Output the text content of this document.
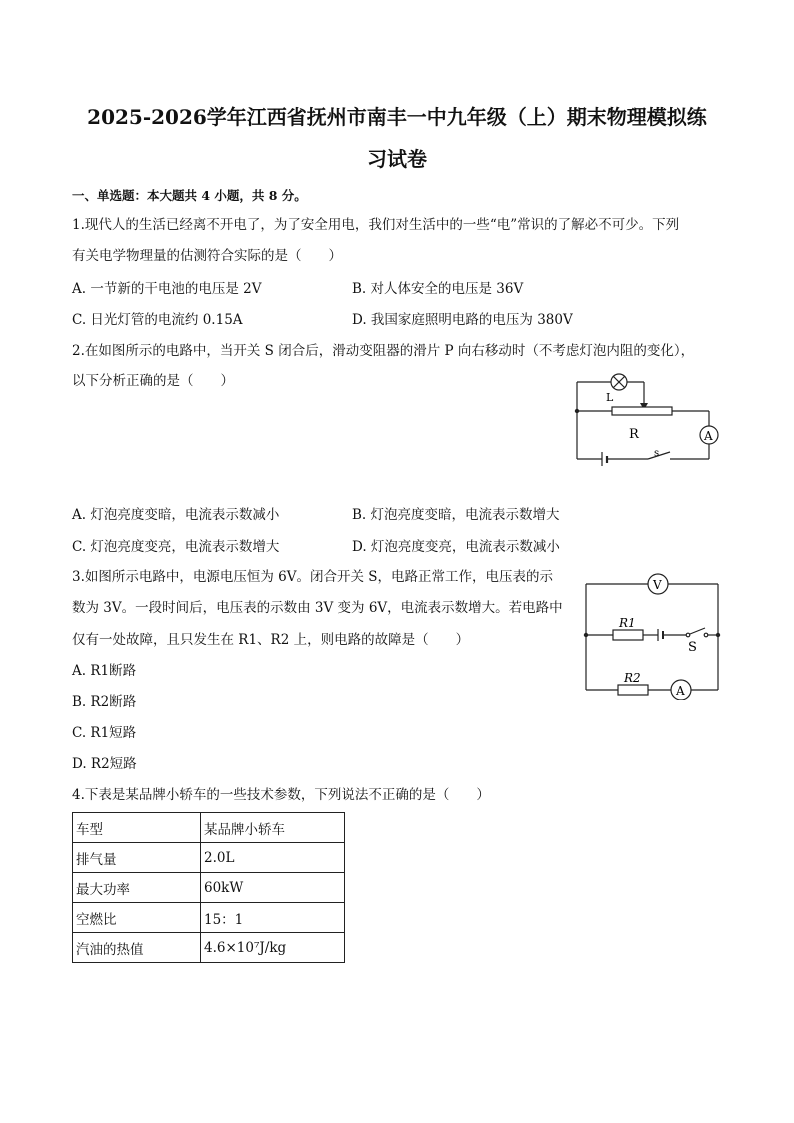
2025-2026学年江西省抚州市南丰一中九年级（上）期末物理模拟练
习试卷
一、单选题：本大题共 4 小题，共 8 分。
1.现代人的生活已经离不开电了，为了安全用电，我们对生活中的一些“电”常识的了解必不可少。下列
有关电学物理量的估测符合实际的是（　　）
A. 一节新的干电池的电压是 2V	B. 对人体安全的电压是 36V
C. 日光灯管的电流约 0.15A	D. 我国家庭照明电路的电压为 380V
2.在如图所示的电路中，当开关 S 闭合后，滑动变阻器的滑片 P 向右移动时（不考虑灯泡内阻的变化），
以下分析正确的是（　　）
L
R	A
s
A. 灯泡亮度变暗，电流表示数减小	B. 灯泡亮度变暗，电流表示数增大
C. 灯泡亮度变亮，电流表示数增大	D. 灯泡亮度变亮，电流表示数减小
3.如图所示电路中，电源电压恒为 6V。闭合开关 S，电路正常工作，电压表的示
数为 3V。一段时间后，电压表的示数由 3V 变为 6V，电流表示数增大。若电路中
仅有一处故障，且只发生在 R1、R2 上，则电路的故障是（　　）
V
R1
S
R2
A
A. R1断路
B. R2断路
C. R1短路
D. R2短路
4.下表是某品牌小轿车的一些技术参数，下列说法不正确的是（　　）
车型	某品牌小轿车
排气量	2.0L
最大功率	60kW
空燃比	15：1
汽油的热值	4.6×10⁷J/kg
